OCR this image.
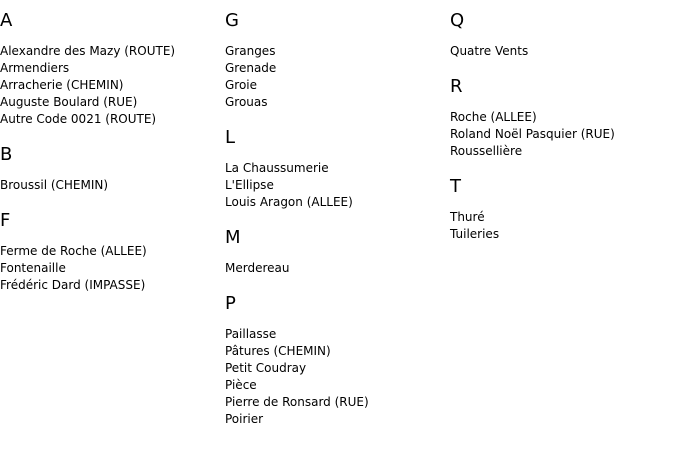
A
Alexandre des Mazy (ROUTE)
Armendiers
Arracherie (CHEMIN)
Auguste Boulard (RUE)
Autre Code 0021 (ROUTE)
B
Broussil (CHEMIN)
F
Ferme de Roche (ALLEE)
Fontenaille
Frédéric Dard (IMPASSE)
G
Granges
Grenade
Groie
Grouas
L
La Chaussumerie
L'Ellipse
Louis Aragon (ALLEE)
M
Merdereau
P
Paillasse
Pâtures (CHEMIN)
Petit Coudray
Pièce
Pierre de Ronsard (RUE)
Poirier
Q
Quatre Vents
R
Roche (ALLEE)
Roland Noël Pasquier (RUE)
Roussellière
T
Thuré
Tuileries
